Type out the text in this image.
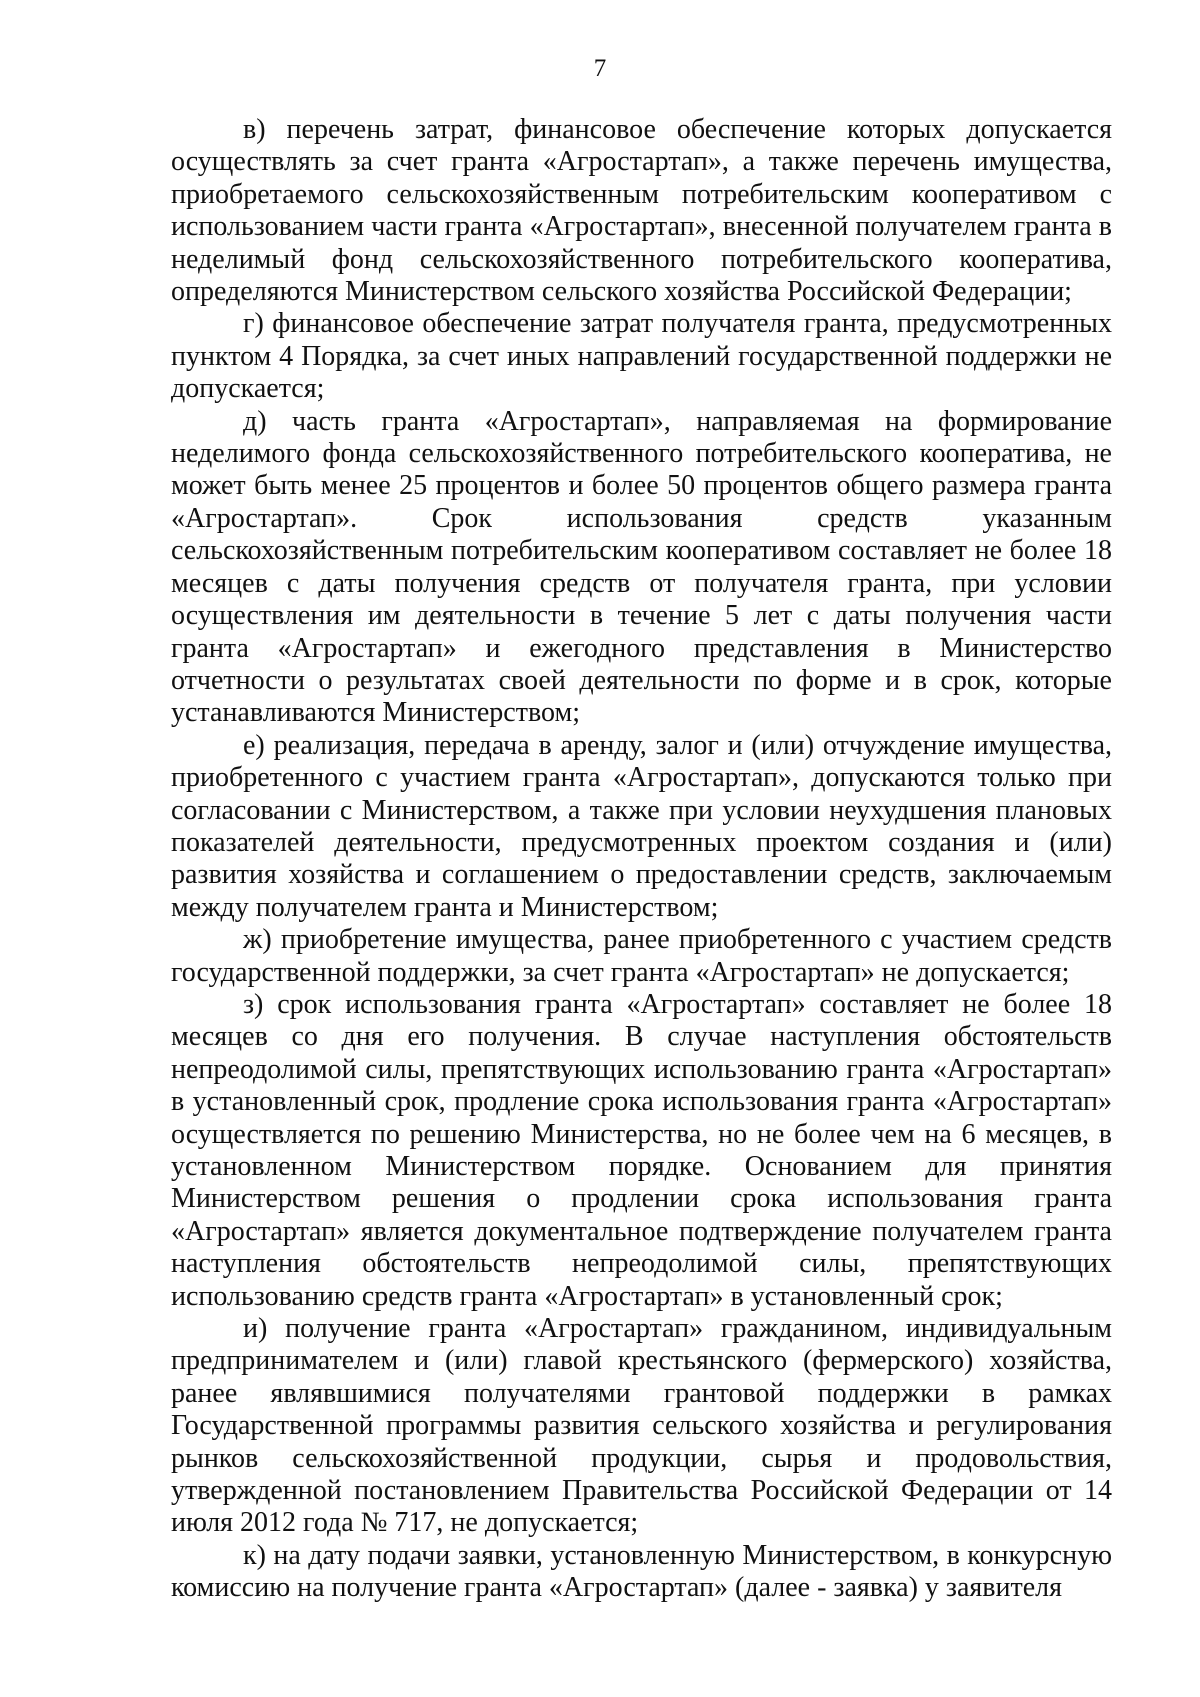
7

в) перечень затрат, финансовое обеспечение которых допускается осуществлять за счет гранта «Агростартап», а также перечень имущества, приобретаемого сельскохозяйственным потребительским кооперативом с использованием части гранта «Агростартап», внесенной получателем гранта в неделимый фонд сельскохозяйственного потребительского кооператива, определяются Министерством сельского хозяйства Российской Федерации;

г) финансовое обеспечение затрат получателя гранта, предусмотренных пунктом 4 Порядка, за счет иных направлений государственной поддержки не допускается;

д) часть гранта «Агростартап», направляемая на формирование неделимого фонда сельскохозяйственного потребительского кооператива, не может быть менее 25 процентов и более 50 процентов общего размера гранта «Агростартап». Срок использования средств указанным сельскохозяйственным потребительским кооперативом составляет не более 18 месяцев с даты получения средств от получателя гранта, при условии осуществления им деятельности в течение 5 лет с даты получения части гранта «Агростартап» и ежегодного представления в Министерство отчетности о результатах своей деятельности по форме и в срок, которые устанавливаются Министерством;

е) реализация, передача в аренду, залог и (или) отчуждение имущества, приобретенного с участием гранта «Агростартап», допускаются только при согласовании с Министерством, а также при условии неухудшения плановых показателей деятельности, предусмотренных проектом создания и (или) развития хозяйства и соглашением о предоставлении средств, заключаемым между получателем гранта и Министерством;

ж) приобретение имущества, ранее приобретенного с участием средств государственной поддержки, за счет гранта «Агростартап» не допускается;

з) срок использования гранта «Агростартап» составляет не более 18 месяцев со дня его получения. В случае наступления обстоятельств непреодолимой силы, препятствующих использованию гранта «Агростартап» в установленный срок, продление срока использования гранта «Агростартап» осуществляется по решению Министерства, но не более чем на 6 месяцев, в установленном Министерством порядке. Основанием для принятия Министерством решения о продлении срока использования гранта «Агростартап» является документальное подтверждение получателем гранта наступления обстоятельств непреодолимой силы, препятствующих использованию средств гранта «Агростартап» в установленный срок;

и) получение гранта «Агростартап» гражданином, индивидуальным предпринимателем и (или) главой крестьянского (фермерского) хозяйства, ранее являвшимися получателями грантовой поддержки в рамках Государственной программы развития сельского хозяйства и регулирования рынков сельскохозяйственной продукции, сырья и продовольствия, утвержденной постановлением Правительства Российской Федерации от 14 июля 2012 года № 717, не допускается;

к) на дату подачи заявки, установленную Министерством, в конкурсную комиссию на получение гранта «Агростартап» (далее - заявка) у заявителя
